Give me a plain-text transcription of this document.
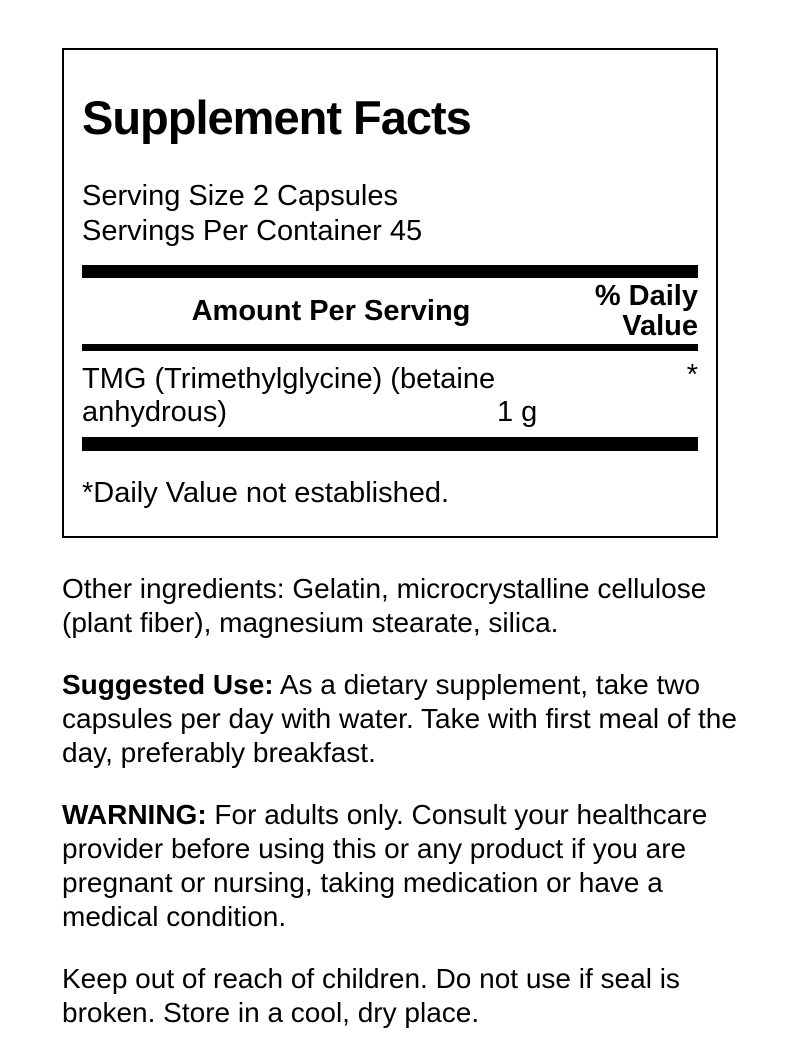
Supplement Facts
Serving Size 2 Capsules
Servings Per Container 45
Amount Per Serving	% Daily Value
TMG (Trimethylglycine) (betaine anhydrous)	1 g
*
*Daily Value not established.

Other ingredients: Gelatin, microcrystalline cellulose (plant fiber), magnesium stearate, silica.

Suggested Use: As a dietary supplement, take two capsules per day with water. Take with first meal of the day, preferably breakfast.

WARNING: For adults only. Consult your healthcare provider before using this or any product if you are pregnant or nursing, taking medication or have a medical condition.

Keep out of reach of children. Do not use if seal is broken. Store in a cool, dry place.
